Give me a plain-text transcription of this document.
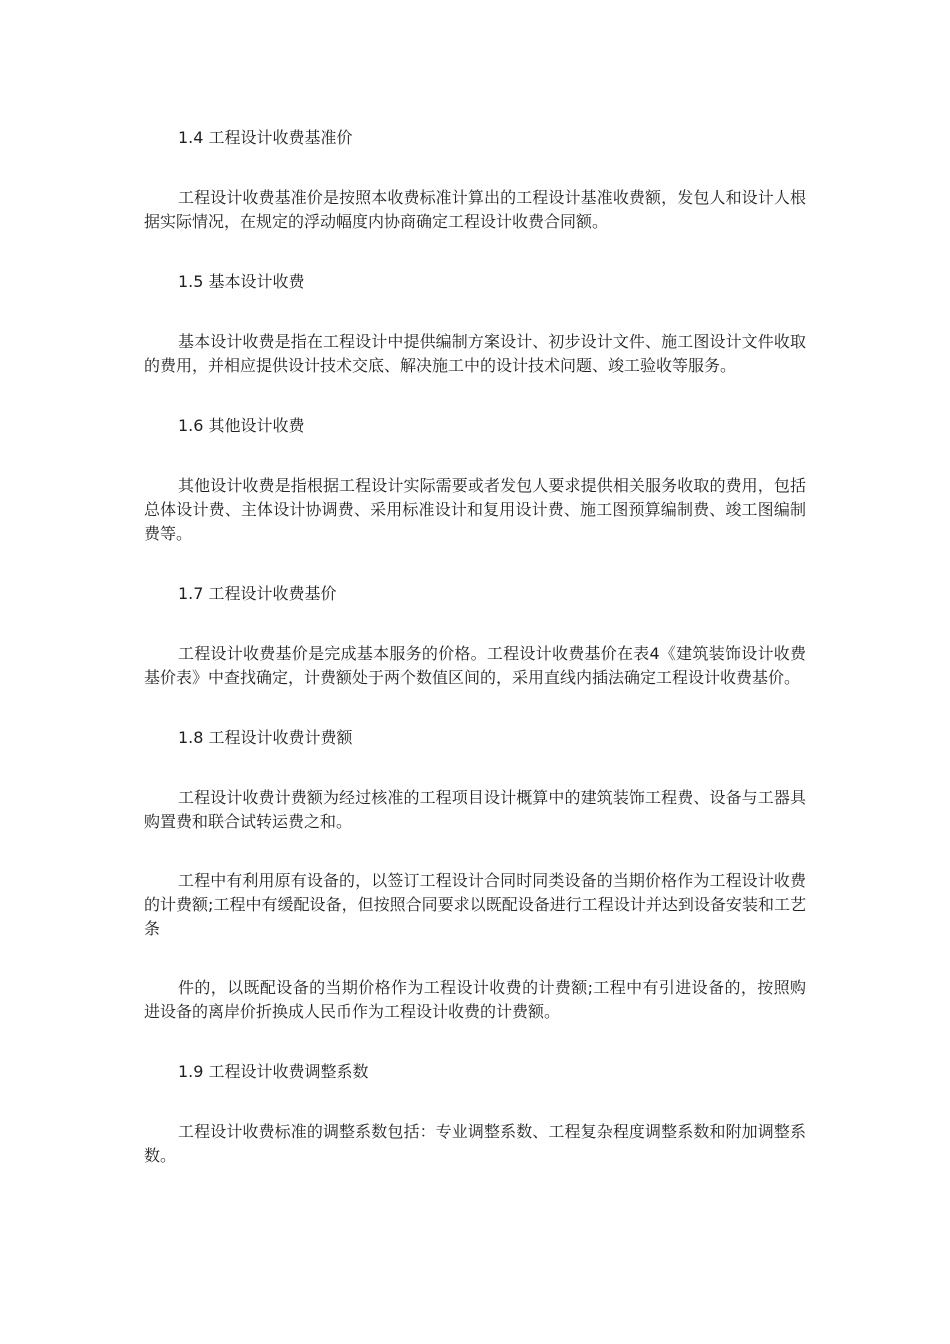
1.4 工程设计收费基准价

工程设计收费基准价是按照本收费标准计算出的工程设计基准收费额，发包人和设计人根据实际情况，在规定的浮动幅度内协商确定工程设计收费合同额。

1.5 基本设计收费

基本设计收费是指在工程设计中提供编制方案设计、初步设计文件、施工图设计文件收取的费用，并相应提供设计技术交底、解决施工中的设计技术问题、竣工验收等服务。

1.6 其他设计收费

其他设计收费是指根据工程设计实际需要或者发包人要求提供相关服务收取的费用，包括总体设计费、主体设计协调费、采用标准设计和复用设计费、施工图预算编制费、竣工图编制费等。

1.7 工程设计收费基价

工程设计收费基价是完成基本服务的价格。工程设计收费基价在表4《建筑装饰设计收费基价表》中查找确定，计费额处于两个数值区间的，采用直线内插法确定工程设计收费基价。

1.8 工程设计收费计费额

工程设计收费计费额为经过核准的工程项目设计概算中的建筑装饰工程费、设备与工器具购置费和联合试转运费之和。

工程中有利用原有设备的，以签订工程设计合同时同类设备的当期价格作为工程设计收费的计费额;工程中有缓配设备，但按照合同要求以既配设备进行工程设计并达到设备安装和工艺条

件的，以既配设备的当期价格作为工程设计收费的计费额;工程中有引进设备的，按照购进设备的离岸价折换成人民币作为工程设计收费的计费额。

1.9 工程设计收费调整系数

工程设计收费标准的调整系数包括：专业调整系数、工程复杂程度调整系数和附加调整系数。
